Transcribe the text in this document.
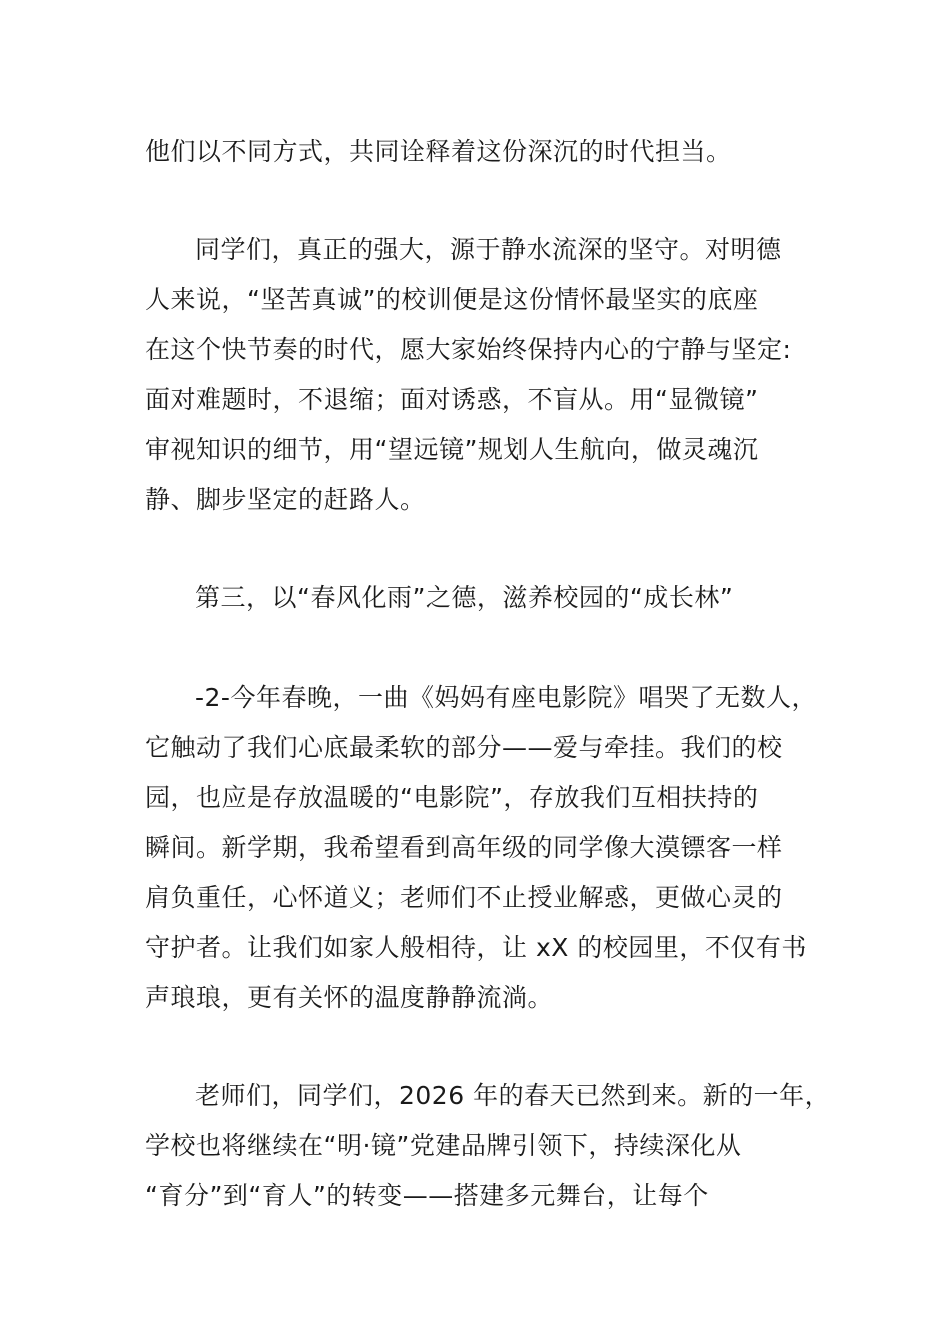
他们以不同方式，共同诠释着这份深沉的时代担当。
同学们，真正的强大，源于静水流深的坚守。对明德
人来说，“坚苦真诚”的校训便是这份情怀最坚实的底座
在这个快节奏的时代，愿大家始终保持内心的宁静与坚定:
面对难题时，不退缩；面对诱惑，不盲从。用“显微镜”
审视知识的细节，用“望远镜”规划人生航向，做灵魂沉
静、脚步坚定的赶路人。
第三，以“春风化雨”之德，滋养校园的“成长林”
-2-今年春晚，一曲《妈妈有座电影院》唱哭了无数人，
它触动了我们心底最柔软的部分——爱与牵挂。我们的校
园，也应是存放温暖的“电影院”，存放我们互相扶持的
瞬间。新学期，我希望看到高年级的同学像大漠镖客一样
肩负重任，心怀道义；老师们不止授业解惑，更做心灵的
守护者。让我们如家人般相待，让 xX 的校园里，不仅有书
声琅琅，更有关怀的温度静静流淌。
老师们，同学们，2026 年的春天已然到来。新的一年，
学校也将继续在“明·镜”党建品牌引领下，持续深化从
“育分”到“育人”的转变——搭建多元舞台，让每个
